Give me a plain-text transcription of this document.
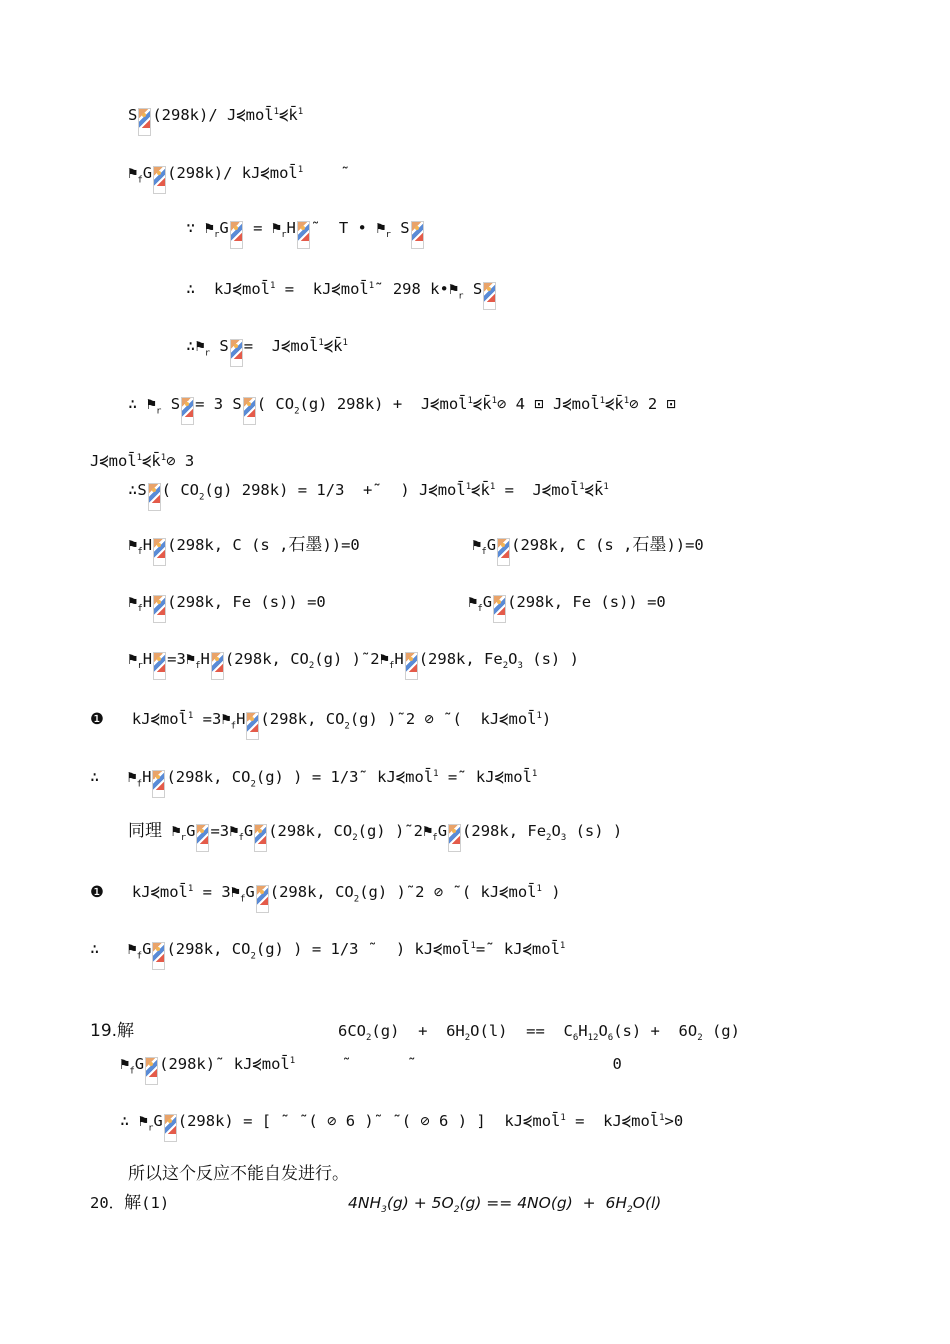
S (298k)/ J⋞mol$^1$⋞k̄$^1$
$⚑_fG$ (298k)/ kJ⋞mol̄$^1$    ˜
∵ $⚑_rG$ = $⚑_rH$ ˜  T • $⚑_r$ S
∴  kJ⋞mol̄$^1$ =  kJ⋞mol̄$^1$˜ 298 $k•⚑_r$ S
$\therefore⚑_r$ S =  J⋞mol̄$^1$⋞k̄$^1$
∴ $⚑_r$ S = 3 S ( $CO_2(g) 298k$) +  J⋞mol̄$^1$⋞k̄$^1$⊘ 4 ⊡ J⋞mol̄$^1$⋞k̄$^1$⊘ 2 ⊡
J⋞mol̄$^1$⋞k̄$^1$⊘ 3
∴S ( $CO_2(g) 298k) = 1/3$  +˜  ) J⋞mol̄$^1$⋞k̄$^1$ =  J⋞mol̄$^1$⋞k̄$^1$
$⚑_fH$ (298k, C (s ,石墨))=0	$⚑_fG$ (298k, C (s ,石墨))=0
$⚑_fH$ (298k, Fe (s)) =0	$⚑_fG$ (298k, Fe (s)) =0
$⚑_rH$ $=3⚑_fH$ (298k, $CO_2(g)$ )$˜2⚑_fH$ (298k, $Fe_2O_3$ (s) )
❶   kJ⋞mol̄$^1$ $=3⚑_fH$ (298k, $CO_2(g)$ )˜2 ⊘ ˜(  kJ⋞mol̄$^1$)
∴   $⚑_fH$ (298k, $CO_2(g)$ ) = 1/3˜ kJ⋞mol̄$^1$ =˜ kJ⋞mol̄$^1$
同理 $⚑_rG$ $=3⚑_fG$ (298k, $CO_2(g)$ )$˜2⚑_fG$ (298k, $Fe_2O_3$ (s) )
❶   kJ⋞mol̄$^1$ = $3⚑_fG$ (298k, $CO_2(g)$ )˜2 ⊘ ˜( kJ⋞mol̄$^1$ )
∴   $⚑_fG$ (298k, $CO_2(g)$ ) = 1/3 ˜  ) kJ⋞mol̄$^1$=˜ kJ⋞mol̄$^1$
19.解	$6CO_2(g) + 6H_2O(l) == C_6H_{12}O_6(s) + 6O_2$ (g)
$⚑_fG$ (298k)˜ kJ⋞mol̄$^1$     ˜      ˜                     0
∴ $⚑_rG$ (298k) = [ ˜ ˜( ⊘ 6 )˜ ˜( ⊘ 6 ) ]  kJ⋞mol̄$^1$ =  kJ⋞mol̄$^1$>0
所以这个反应不能自发进行。
20．解(1)	$4NH_3(g) + 5O_2(g) == 4NO(g) + 6H_2O(l)$
